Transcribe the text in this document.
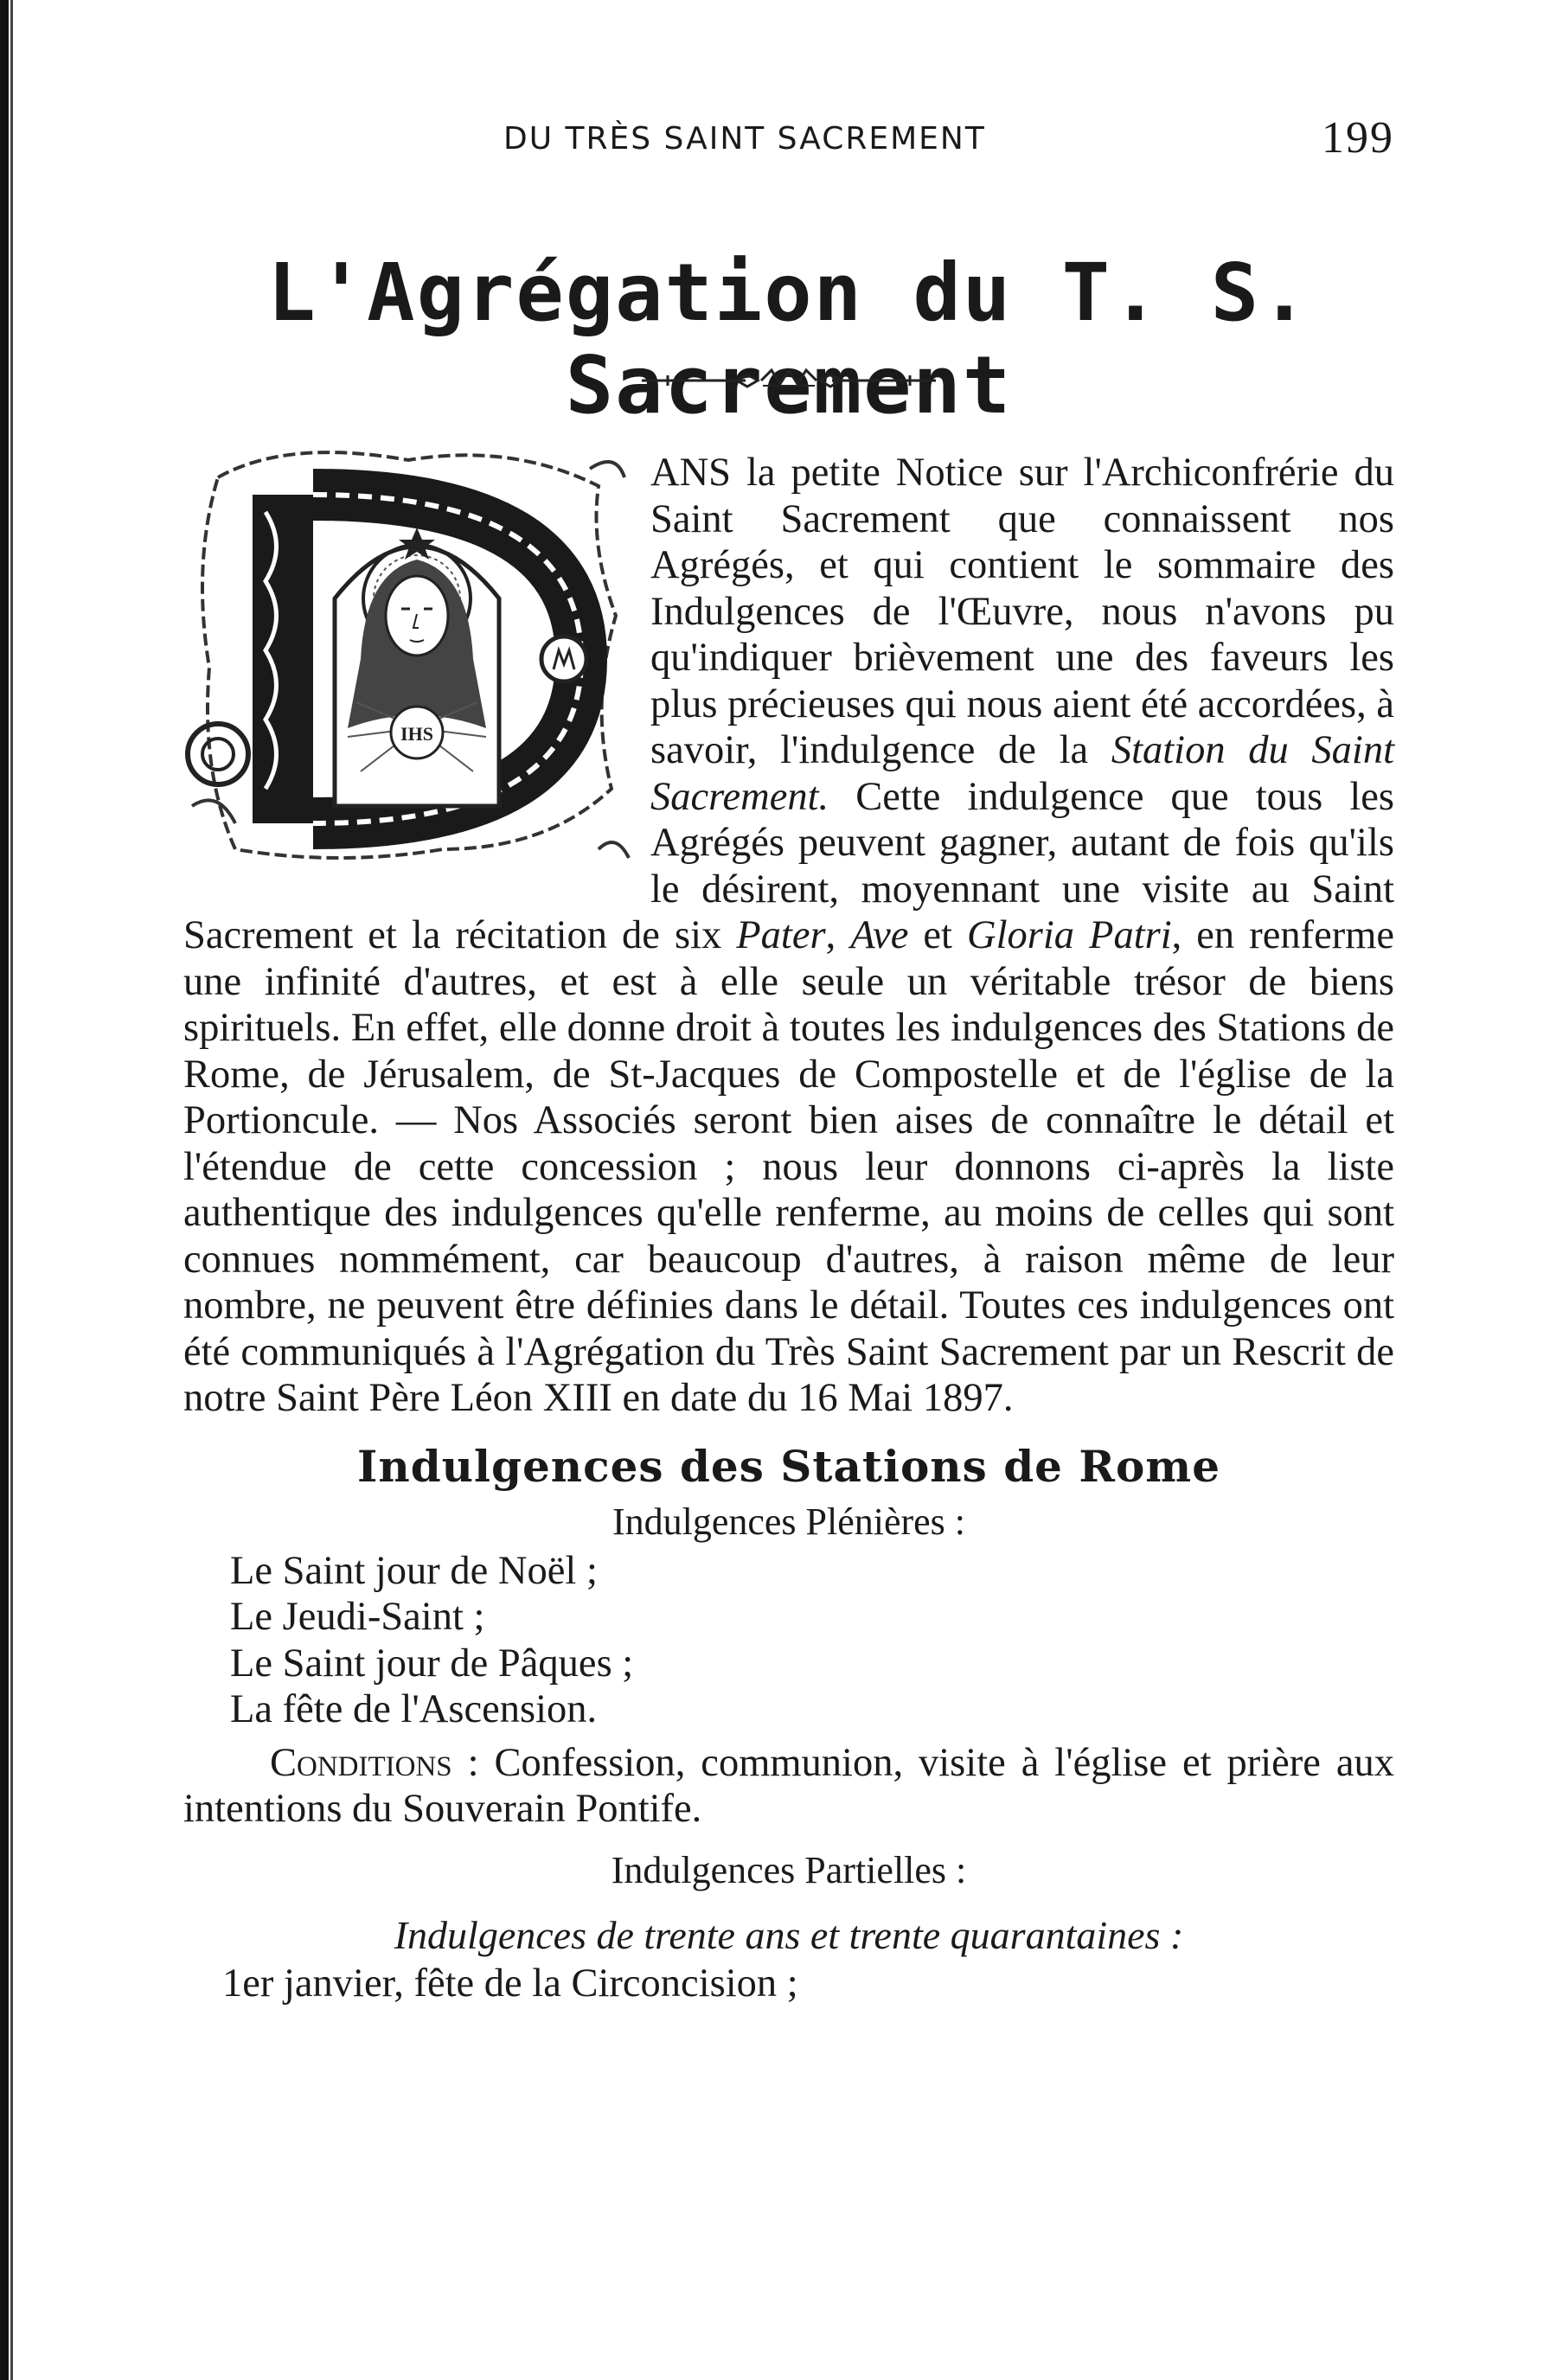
DU TRÈS SAINT SACREMENT	199
L'Agrégation du T. S. Sacrement
IHS

ANS la petite Notice sur l'Archiconfrérie du Saint Sacrement que connaissent nos Agrégés, et qui contient le sommaire des Indulgences de l'Œuvre, nous n'avons pu qu'indiquer brièvement une des faveurs les plus précieuses qui nous aient été accordées, à savoir, l'indulgence de la Station du Saint Sacrement. Cette indulgence que tous les Agrégés peuvent gagner, autant de fois qu'ils le désirent, moyennant une visite au Saint Sacrement et la récitation de six Pater, Ave et Gloria Patri, en renferme une infinité d'autres, et est à elle seule un véritable trésor de biens spirituels. En effet, elle donne droit à toutes les indulgences des Stations de Rome, de Jérusalem, de St-Jacques de Compostelle et de l'église de la Portioncule. — Nos Associés seront bien aises de connaître le détail et l'étendue de cette concession ; nous leur donnons ci-après la liste authentique des indulgences qu'elle renferme, au moins de celles qui sont connues nommément, car beaucoup d'autres, à raison même de leur nombre, ne peuvent être définies dans le détail. Toutes ces indulgences ont été communiqués à l'Agrégation du Très Saint Sacrement par un Rescrit de notre Saint Père Léon XIII en date du 16 Mai 1897.

Indulgences des Stations de Rome
Indulgences Plénières :
Le Saint jour de Noël ;
Le Jeudi-Saint ;
Le Saint jour de Pâques ;
La fête de l'Ascension.
Conditions : Confession, communion, visite à l'église et prière aux intentions du Souverain Pontife.
Indulgences Partielles :
Indulgences de trente ans et trente quarantaines :
1er janvier, fête de la Circoncision ;
